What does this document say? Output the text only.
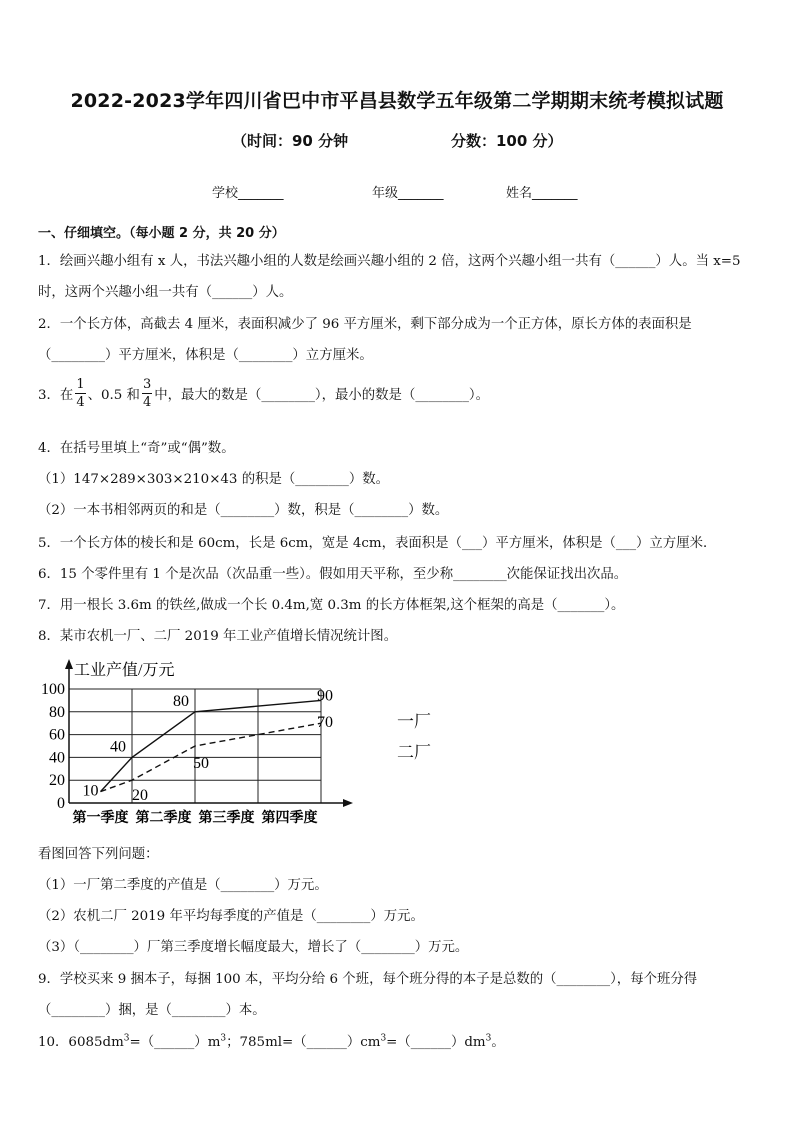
2022-2023学年四川省巴中市平昌县数学五年级第二学期期末统考模拟试题
（时间：90 分钟	分数：100 分）
学校_______	年级_______	姓名_______
一、仔细填空。（每小题 2 分，共 20 分）
1．绘画兴趣小组有 x 人，书法兴趣小组的人数是绘画兴趣小组的 2 倍，这两个兴趣小组一共有（______）人。当 x=5
时，这两个兴趣小组一共有（______）人。
2．一个长方体，高截去 4 厘米，表面积减少了 96 平方厘米，剩下部分成为一个正方体，原长方体的表面积是
（________）平方厘米，体积是（________）立方厘米。
3．在 $\frac{1}{4}$ 、0.5 和 $\frac{3}{4}$ 中，最大的数是（________），最小的数是（________）。
4．在括号里填上“奇”或“偶”数。
（1）147×289×303×210×43 的积是（________）数。
（2）一本书相邻两页的和是（________）数，积是（________）数。
5．一个长方体的棱长和是 60cm，长是 6cm，宽是 4cm，表面积是（___）平方厘米，体积是（___）立方厘米．
6．15 个零件里有 1 个是次品（次品重一些）。假如用天平称，至少称________次能保证找出次品。
7．用一根长 3.6m 的铁丝,做成一个长 0.4m,宽 0.3m 的长方体框架,这个框架的高是（_______）。
8．某市农机一厂、二厂 2019 年工业产值增长情况统计图。
0
20
40
60
80
100
第一季度 第二季度 第三季度 第四季度
10
40
80	90
20
50
70
工业产值/万元
一厂
二厂
看图回答下列问题：
（1）一厂第二季度的产值是（________）万元。
（2）农机二厂 2019 年平均每季度的产值是（________）万元。
（3）（________）厂第三季度增长幅度最大，增长了（________）万元。
9．学校买来 9 捆本子，每捆 100 本，平均分给 6 个班，每个班分得的本子是总数的（________），每个班分得
（________）捆，是（________）本。
10．$6085dm^3=(\_\_\_\_\_\_)m^3$；$785ml=(\_\_\_\_\_\_)cm^3=(\_\_\_\_\_\_)dm^3$。
